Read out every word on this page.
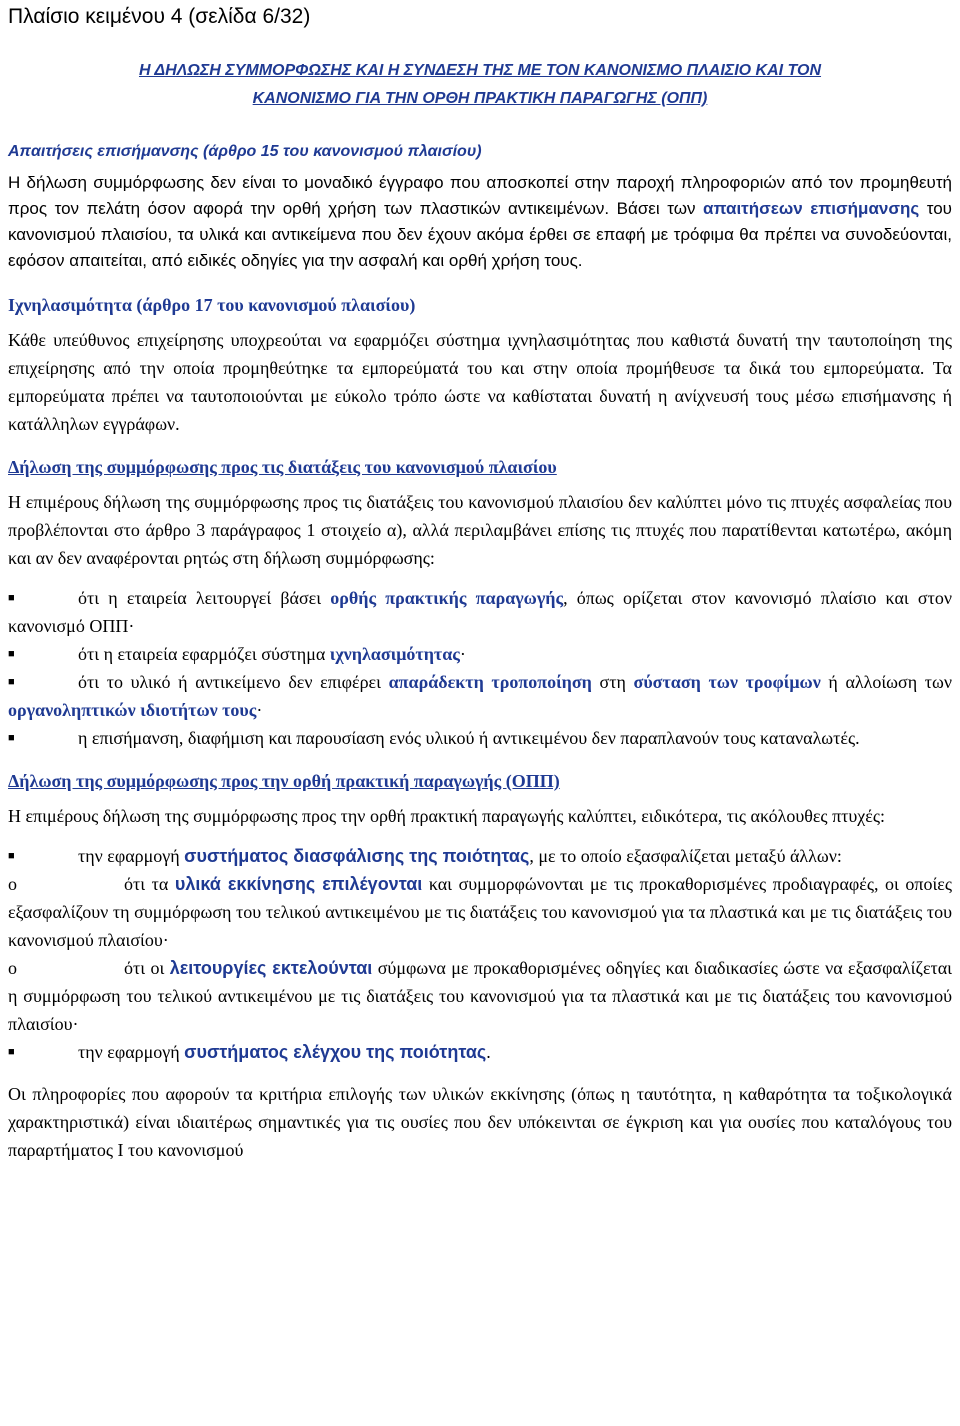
Πλαίσιο κειμένου 4 (σελίδα 6/32)
Η ΔΗΛΩΣΗ ΣΥΜΜΟΡΦΩΣΗΣ ΚΑΙ Η ΣΥΝΔΕΣΗ ΤΗΣ ΜΕ ΤΟΝ ΚΑΝΟΝΙΣΜΟ ΠΛΑΙΣΙΟ ΚΑΙ ΤΟΝ
ΚΑΝΟΝΙΣΜΟ ΓΙΑ ΤΗΝ ΟΡΘΗ ΠΡΑΚΤΙΚΗ ΠΑΡΑΓΩΓΗΣ (ΟΠΠ)
Απαιτήσεις επισήμανσης (άρθρο 15 του κανονισμού πλαισίου)

Η δήλωση συμμόρφωσης δεν είναι το μοναδικό έγγραφο που αποσκοπεί στην παροχή πληροφοριών από τον προμηθευτή προς τον πελάτη όσον αφορά την ορθή χρήση των πλαστικών αντικειμένων. Βάσει των απαιτήσεων επισήμανσης του κανονισμού πλαισίου, τα υλικά και αντικείμενα που δεν έχουν ακόμα έρθει σε επαφή με τρόφιμα θα πρέπει να συνοδεύονται, εφόσον απαιτείται, από ειδικές οδηγίες για την ασφαλή και ορθή χρήση τους.

Ιχνηλασιμότητα (άρθρο 17 του κανονισμού πλαισίου)

Κάθε υπεύθυνος επιχείρησης υποχρεούται να εφαρμόζει σύστημα ιχνηλασιμότητας που καθιστά δυνατή την ταυτοποίηση της επιχείρησης από την οποία προμηθεύτηκε τα εμπορεύματά του και στην οποία προμήθευσε τα δικά του εμπορεύματα. Τα εμπορεύματα πρέπει να ταυτοποιούνται με εύκολο τρόπο ώστε να καθίσταται δυνατή η ανίχνευσή τους μέσω επισήμανσης ή κατάλληλων εγγράφων.

Δήλωση της συμμόρφωσης προς τις διατάξεις του κανονισμού πλαισίου

Η επιμέρους δήλωση της συμμόρφωσης προς τις διατάξεις του κανονισμού πλαισίου δεν καλύπτει μόνο τις πτυχές ασφαλείας που προβλέπονται στο άρθρο 3 παράγραφος 1 στοιχείο α), αλλά περιλαμβάνει επίσης τις πτυχές που παρατίθενται κατωτέρω, ακόμη και αν δεν αναφέρονται ρητώς στη δήλωση συμμόρφωσης:

■	ότι η εταιρεία λειτουργεί βάσει ορθής πρακτικής παραγωγής, όπως ορίζεται στον κανονισμό πλαίσιο και στον κανονισμό ΟΠΠ·

■	ότι η εταιρεία εφαρμόζει σύστημα ιχνηλασιμότητας·

■	ότι το υλικό ή αντικείμενο δεν επιφέρει απαράδεκτη τροποποίηση στη σύσταση των τροφίμων ή αλλοίωση των οργανοληπτικών ιδιοτήτων τους·

■	η επισήμανση, διαφήμιση και παρουσίαση ενός υλικού ή αντικειμένου δεν παραπλανούν τους καταναλωτές.

Δήλωση της συμμόρφωσης προς την ορθή πρακτική παραγωγής (ΟΠΠ)

Η επιμέρους δήλωση της συμμόρφωσης προς την ορθή πρακτική παραγωγής καλύπτει, ειδικότερα, τις ακόλουθες πτυχές:

■	την εφαρμογή συστήματος διασφάλισης της ποιότητας, με το οποίο εξασφαλίζεται μεταξύ άλλων:

o	ότι τα υλικά εκκίνησης επιλέγονται και συμμορφώνονται με τις προκαθορισμένες προδιαγραφές, οι οποίες εξασφαλίζουν τη συμμόρφωση του τελικού αντικειμένου με τις διατάξεις του κανονισμού για τα πλαστικά και με τις διατάξεις του κανονισμού πλαισίου·

o	ότι οι λειτουργίες εκτελούνται σύμφωνα με προκαθορισμένες οδηγίες και διαδικασίες ώστε να εξασφαλίζεται η συμμόρφωση του τελικού αντικειμένου με τις διατάξεις του κανονισμού για τα πλαστικά και με τις διατάξεις του κανονισμού πλαισίου·

■	την εφαρμογή συστήματος ελέγχου της ποιότητας.

Οι πληροφορίες που αφορούν τα κριτήρια επιλογής των υλικών εκκίνησης (όπως η ταυτότητα, η καθαρότητα τα τοξικολογικά χαρακτηριστικά) είναι ιδιαιτέρως σημαντικές για τις ουσίες που δεν υπόκεινται σε έγκριση και για ουσίες που καταλόγους του παραρτήματος I του κανονισμού
